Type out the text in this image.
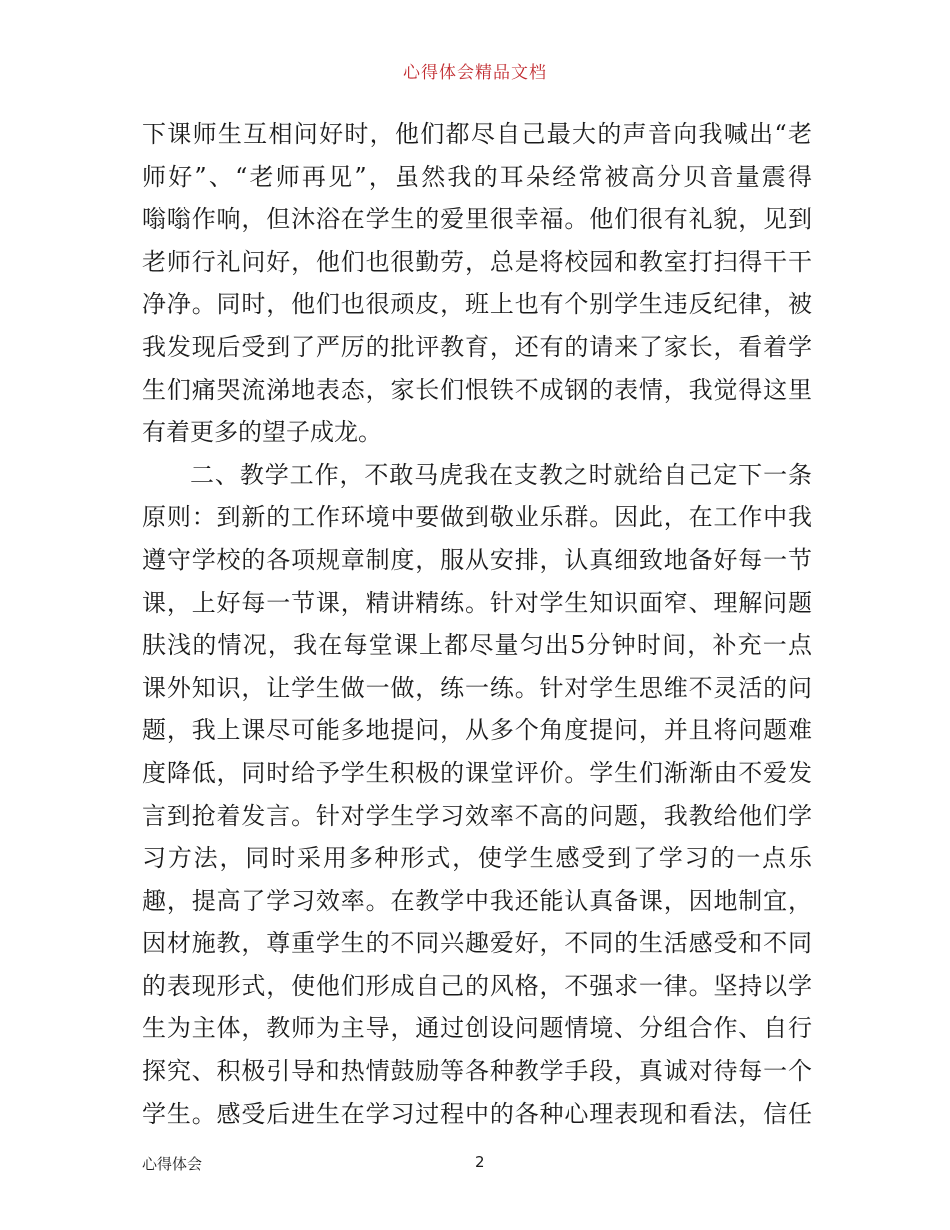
心得体会精品文档
下课师生互相问好时，他们都尽自己最大的声音向我喊出“老
师好”、“老师再见”，虽然我的耳朵经常被高分贝音量震得
嗡嗡作响，但沐浴在学生的爱里很幸福。他们很有礼貌，见到
老师行礼问好，他们也很勤劳，总是将校园和教室打扫得干干
净净。同时，他们也很顽皮，班上也有个别学生违反纪律，被
我发现后受到了严厉的批评教育，还有的请来了家长，看着学
生们痛哭流涕地表态，家长们恨铁不成钢的表情，我觉得这里
有着更多的望子成龙。
二、教学工作，不敢马虎我在支教之时就给自己定下一条
原则：到新的工作环境中要做到敬业乐群。因此，在工作中我
遵守学校的各项规章制度，服从安排，认真细致地备好每一节
课，上好每一节课，精讲精练。针对学生知识面窄、理解问题
肤浅的情况，我在每堂课上都尽量匀出5分钟时间，补充一点
课外知识，让学生做一做，练一练。针对学生思维不灵活的问
题，我上课尽可能多地提问，从多个角度提问，并且将问题难
度降低，同时给予学生积极的课堂评价。学生们渐渐由不爱发
言到抢着发言。针对学生学习效率不高的问题，我教给他们学
习方法，同时采用多种形式，使学生感受到了学习的一点乐
趣，提高了学习效率。在教学中我还能认真备课，因地制宜，
因材施教，尊重学生的不同兴趣爱好，不同的生活感受和不同
的表现形式，使他们形成自己的风格，不强求一律。坚持以学
生为主体，教师为主导，通过创设问题情境、分组合作、自行
探究、积极引导和热情鼓励等各种教学手段，真诚对待每一个
学生。感受后进生在学习过程中的各种心理表现和看法，信任
心得体会	2
